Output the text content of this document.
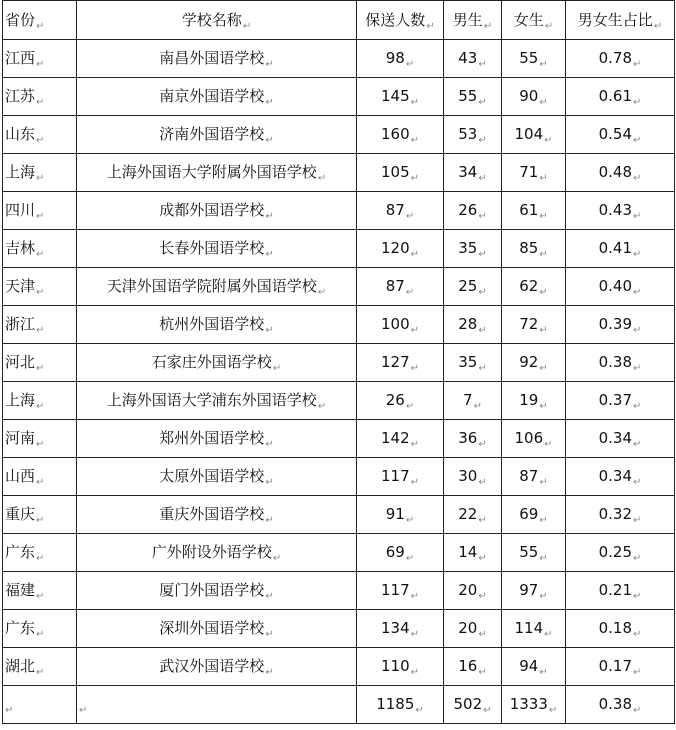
省份↵	学校名称↵	保送人数↵	男生↵	女生↵	男女生占比↵
江西↵	南昌外国语学校↵	98↵	43↵	55↵	0.78↵
江苏↵	南京外国语学校↵	145↵	55↵	90↵	0.61↵
山东↵	济南外国语学校↵	160↵	53↵	104↵	0.54↵
上海↵	上海外国语大学附属外国语学校↵	105↵	34↵	71↵	0.48↵
四川↵	成都外国语学校↵	87↵	26↵	61↵	0.43↵
吉林↵	长春外国语学校↵	120↵	35↵	85↵	0.41↵
天津↵	天津外国语学院附属外国语学校↵	87↵	25↵	62↵	0.40↵
浙江↵	杭州外国语学校↵	100↵	28↵	72↵	0.39↵
河北↵	石家庄外国语学校↵	127↵	35↵	92↵	0.38↵
上海↵	上海外国语大学浦东外国语学校↵	26↵	7↵	19↵	0.37↵
河南↵	郑州外国语学校↵	142↵	36↵	106↵	0.34↵
山西↵	太原外国语学校↵	117↵	30↵	87↵	0.34↵
重庆↵	重庆外国语学校↵	91↵	22↵	69↵	0.32↵
广东↵	广外附设外语学校↵	69↵	14↵	55↵	0.25↵
福建↵	厦门外国语学校↵	117↵	20↵	97↵	0.21↵
广东↵	深圳外国语学校↵	134↵	20↵	114↵	0.18↵
湖北↵	武汉外国语学校↵	110↵	16↵	94↵	0.17↵
↵	↵	1185↵	502↵	1333↵	0.38↵
